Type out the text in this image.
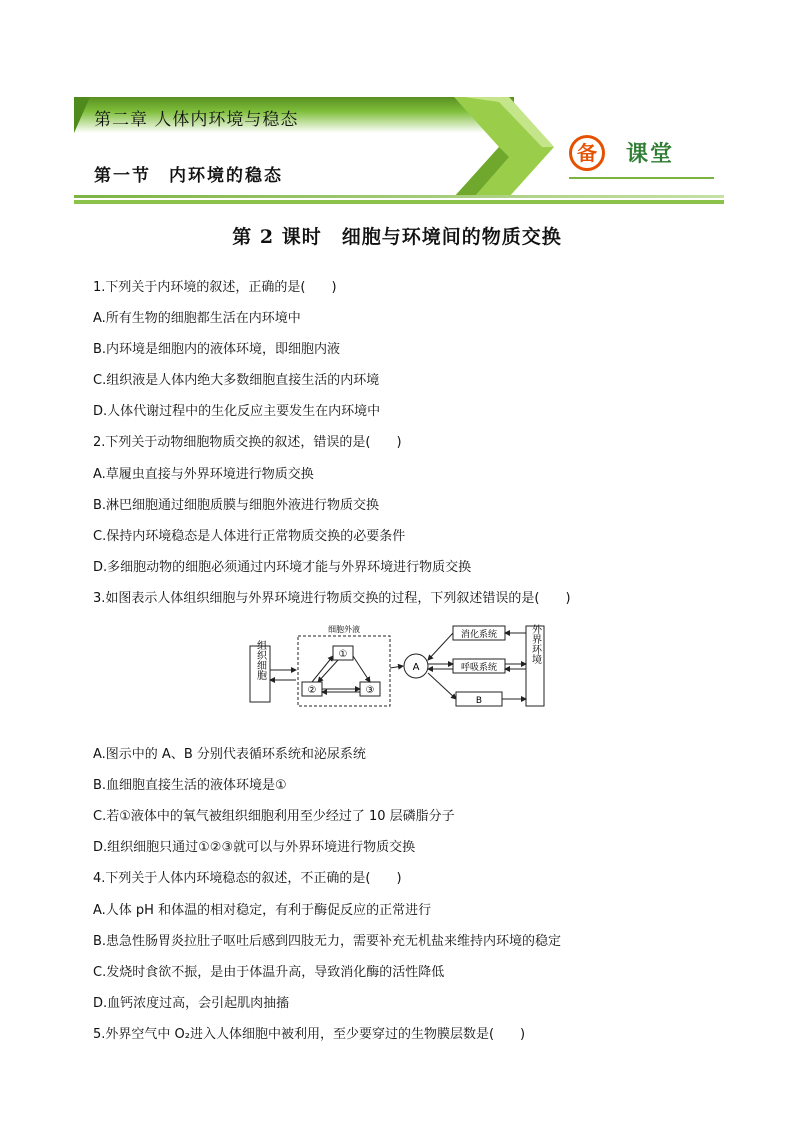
第二章 人体内环境与稳态
第一节 内环境的稳态
备	课堂
第 2 课时　细胞与环境间的物质交换
1.下列关于内环境的叙述，正确的是(　　)
A.所有生物的细胞都生活在内环境中
B.内环境是细胞内的液体环境，即细胞内液
C.组织液是人体内绝大多数细胞直接生活的内环境
D.人体代谢过程中的生化反应主要发生在内环境中
2.下列关于动物细胞物质交换的叙述，错误的是(　　)
A.草履虫直接与外界环境进行物质交换
B.淋巴细胞通过细胞质膜与细胞外液进行物质交换
C.保持内环境稳态是人体进行正常物质交换的必要条件
D.多细胞动物的细胞必须通过内环境才能与外界环境进行物质交换
3.如图表示人体组织细胞与外界环境进行物质交换的过程，下列叙述错误的是(　　)
A.图示中的 A、B 分别代表循环系统和泌尿系统
B.血细胞直接生活的液体环境是①
C.若①液体中的氧气被组织细胞利用至少经过了 10 层磷脂分子
D.组织细胞只通过①②③就可以与外界环境进行物质交换
4.下列关于人体内环境稳态的叙述，不正确的是(　　)
A.人体 pH 和体温的相对稳定，有利于酶促反应的正常进行
B.患急性肠胃炎拉肚子呕吐后感到四肢无力，需要补充无机盐来维持内环境的稳定
C.发烧时食欲不振，是由于体温升高，导致消化酶的活性降低
D.血钙浓度过高，会引起肌肉抽搐
5.外界空气中 O₂进入人体细胞中被利用，至少要穿过的生物膜层数是(　　)
组织细胞
细胞外液
①
②	③
A
消化系统
呼吸系统
B
外界环境
